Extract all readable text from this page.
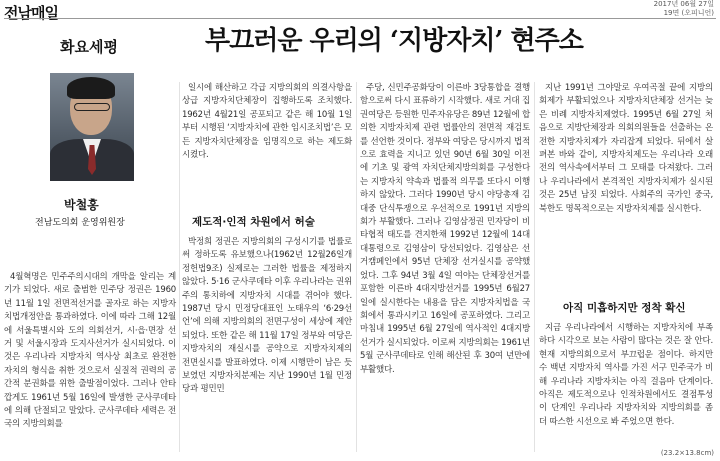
전남매일	2017년 06월 27일
19면 (오피니언)
부끄러운 우리의 ‘지방자치’ 현주소
화요세평
박철홍
전남도의회 운영위원장

4월혁명은 민주주의시대의 개막을 알리는 계기가 되었다. 새로 출범한 민주당 정권은 1960년 11월 1일 전면적선거를 골자로 하는 지방자치법개정안을 통과하였다. 이에 따라 그해 12월에 서울특별시와 도의 의회선거, 시·읍·면장 선거 및 서울시장과 도지사선거가 실시되었다. 이것은 우리나라 지방자치 역사상 최초로 완전한 자치의 형식을 취한 것으로서 실질적 권력의 공간적 분권화를 위한 출발점이었다. 그러나 안타깝게도 1961년 5월 16일에 발생한 군사쿠데타에 의해 단절되고 말았다. 군사쿠데타 세력은 전국의 지방의회를

일시에 해산하고 각급 지방의회의 의결사항을 상급 지방자치단체장이 집행하도록 조치했다. 1962년 4월21일 공포되고 같은 해 10월 1일부터 시행된 ‘지방자치에 관한 임시조치법’은 모든 지방자치단체장을 임명직으로 하는 제도화시켰다.

제도적·인적 차원에서 허술

박정희 정권은 지방의회의 구성시기를 법률로써 정하도록 유보했으나(1962년 12월26일개정헌법9조) 실제로는 그러한 법률을 제정하지 않았다. 5·16 군사쿠데타 이후 우리나라는 권위주의 통치하에 지방자치 시대를 겪어야 했다. 1987년 당시 민정당대표인 노태우의 ‘6·29선언’에 의해 지방의회의 전면구성이 세상에 제안되었다. 또한 같은 해 11월 17일 정부와 여당은 지방자치의 재실시를 공약으로 지방자치제의 전면실시를 발표하였다. 이제 시행만이 남은 듯 보였던 지방자치분제는 지난 1990년 1월 민정당과 평민민

주당, 신민주공화당이 이른바 3당통합을 결행함으로써 다시 표류하기 시작했다. 새로 거대 집권여당은 등원한 민주자유당은 89년 12월에 합의한 지방자치제 관련 법률안의 전면적 재검토를 선언한 것이다. 정부와 여당은 당시까지 법적으로 효력을 지니고 있던 90년 6월 30일 이전에 기초 및 광역 자치단체지방의회를 구성한다는 지방자치 약속과 법률적 의무를 또다시 이행하지 않았다. 그러다 1990년 당시 야당총재 김대중 단식투쟁으로 우선적으로 1991년 지방의회가 부활했다. 그러나 김영삼정권 민자당이 비타협적 태도를 견지한채 1992년 12월에 14대 대통령으로 김영삼이 당선되었다. 김영삼은 선거캠페인에서 95년 단체장 선거실시를 공약했었다. 그후 94년 3월 4일 여야는 단체장선거를 포함한 이른바 4대지방선거를 1995년 6월27일에 실시한다는 내용을 담은 지방자치법을 국회에서 통과시키고 16일에 공포하였다. 그리고 마침내 1995년 6월 27일에 역사적인 4대지방선거가 실시되었다. 이로써 지방의회는 1961년 5월 군사쿠데타로 인해 해산된 후 30여 년만에 부활했다.

지난 1991년 그야말로 우여곡절 끝에 지방의회제가 부활되었으나 지방자치단체장 선거는 늦은 비례 지방자치제였다. 1995년 6월 27일 처음으로 지방단체장과 의회의원들을 선출하는 온전한 지방자치제가 자리잡게 되었다. 뒤에서 살펴본 바와 같이, 지방자치제도는 우리나라 오래 전의 역사속에서부터 그 모태를 다져왔다. 그러나 우리나라에서 본격적인 지방자치제가 실시된 것은 25년 남짓 되었다. 사회주의 국가인 중국, 북한도 명목적으로는 지방자치제를 실시한다.

아직 미흡하지만 정착 확신

지금 우리나라에서 시행하는 지방자치에 부족하다 시각으로 보는 사람이 많다는 것은 잘 안다. 현재 지방의회으로서 부끄럽운 점이다. 하지만 수 백년 지방자치 역사를 가진 서구 민주국가 비해 우리나라 지방자치는 아직 걸음마 단계이다. 아직은 제도적으로나 인적차원에서도 결점투성이 단계인 우리나라 지방자치와 지방의회를 좀 더 따스한 시선으로 봐 주었으면 한다.

(23.2×13.8cm)
